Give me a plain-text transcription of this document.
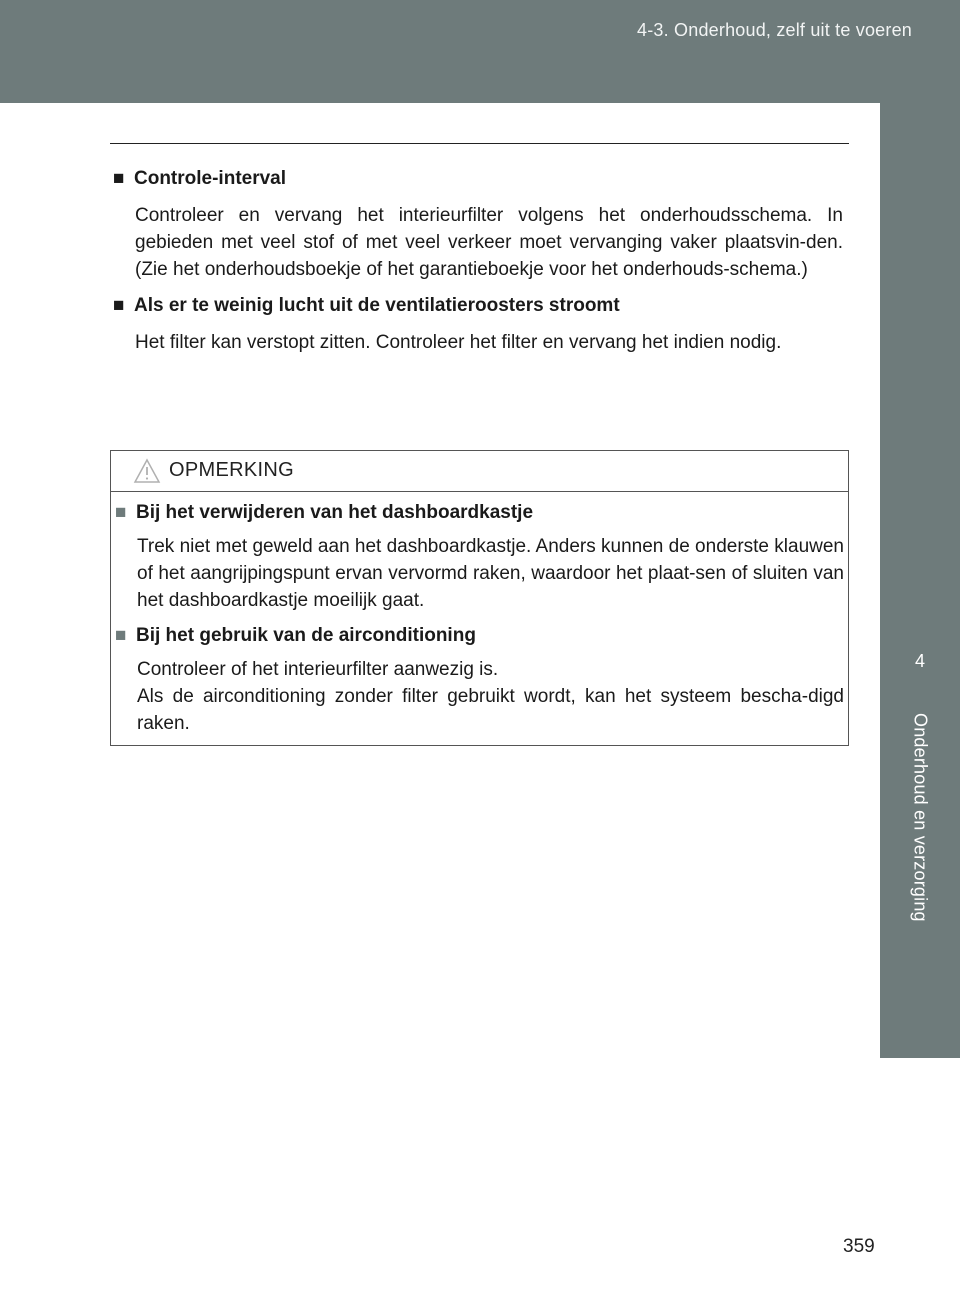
4-3. Onderhoud, zelf uit te voeren
4
Onderhoud en verzorging

■ Controle-interval

Controleer en vervang het interieurfilter volgens het onderhoudsschema. In gebieden met veel stof of met veel verkeer moet vervanging vaker plaatsvin-den. (Zie het onderhoudsboekje of het garantieboekje voor het onderhouds-schema.)

■ Als er te weinig lucht uit de ventilatieroosters stroomt

Het filter kan verstopt zitten. Controleer het filter en vervang het indien nodig.

OPMERKING

■ Bij het verwijderen van het dashboardkastje

Trek niet met geweld aan het dashboardkastje. Anders kunnen de onderste klauwen of het aangrijpingspunt ervan vervormd raken, waardoor het plaat-sen of sluiten van het dashboardkastje moeilijk gaat.

■ Bij het gebruik van de airconditioning

Controleer of het interieurfilter aanwezig is.
Als de airconditioning zonder filter gebruikt wordt, kan het systeem bescha-digd raken.

359
